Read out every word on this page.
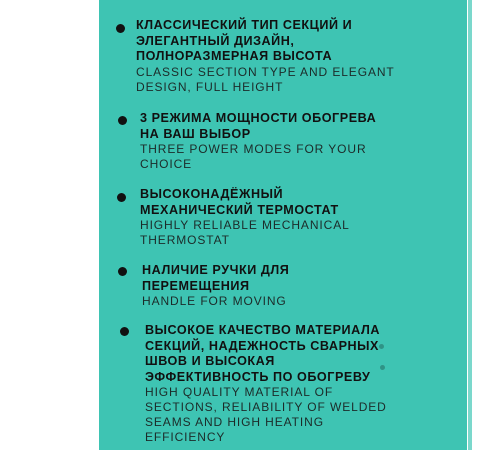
КЛАССИЧЕСКИЙ ТИП СЕКЦИЙ И
ЭЛЕГАНТНЫЙ ДИЗАЙН,
ПОЛНОРАЗМЕРНАЯ ВЫСОТА
CLASSIC SECTION TYPE AND ELEGANT
DESIGN, FULL HEIGHT
3 РЕЖИМА МОЩНОСТИ ОБОГРЕВА
НА ВАШ ВЫБОР
THREE POWER MODES FOR YOUR
CHOICE
ВЫСОКОНАДЁЖНЫЙ
МЕХАНИЧЕСКИЙ ТЕРМОСТАТ
HIGHLY RELIABLE MECHANICAL
THERMOSTAT
НАЛИЧИЕ РУЧКИ ДЛЯ
ПЕРЕМЕЩЕНИЯ
HANDLE FOR MOVING
ВЫСОКОЕ КАЧЕСТВО МАТЕРИАЛА
СЕКЦИЙ, НАДЕЖНОСТЬ СВАРНЫХ
ШВОВ И ВЫСОКАЯ
ЭФФЕКТИВНОСТЬ ПО ОБОГРЕВУ
HIGH QUALITY MATERIAL OF
SECTIONS, RELIABILITY OF WELDED
SEAMS AND HIGH HEATING
EFFICIENCY
